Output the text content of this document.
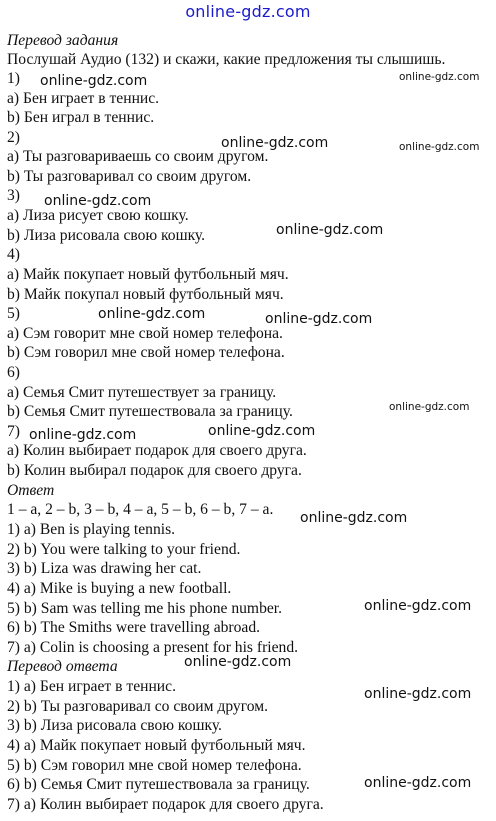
online-gdz.com
Перевод задания
Послушай Аудио (132) и скажи, какие предложения ты слышишь.
1)
a) Бен играет в теннис.
b) Бен играл в теннис.
2)
a) Ты разговариваешь со своим другом.
b) Ты разговаривал со своим другом.
3)
a) Лиза рисует свою кошку.
b) Лиза рисовала свою кошку.
4)
a) Майк покупает новый футбольный мяч.
b) Майк покупал новый футбольный мяч.
5)
a) Сэм говорит мне свой номер телефона.
b) Сэм говорил мне свой номер телефона.
6)
a) Семья Смит путешествует за границу.
b) Семья Смит путешествовала за границу.
7)
a) Колин выбирает подарок для своего друга.
b) Колин выбирал подарок для своего друга.
Ответ
1 – a, 2 – b, 3 – b, 4 – a, 5 – b, 6 – b, 7 – a.
1) a) Ben is playing tennis.
2) b) You were talking to your friend.
3) b) Liza was drawing her cat.
4) a) Mike is buying a new football.
5) b) Sam was telling me his phone number.
6) b) The Smiths were travelling abroad.
7) a) Colin is choosing a present for his friend.
Перевод ответа
1) a) Бен играет в теннис.
2) b) Ты разговаривал со своим другом.
3) b) Лиза рисовала свою кошку.
4) a) Майк покупает новый футбольный мяч.
5) b) Сэм говорил мне свой номер телефона.
6) b) Семья Смит путешествовала за границу.
7) a) Колин выбирает подарок для своего друга.
online-gdz.com	online-gdz.com
online-gdz.com	online-gdz.com
online-gdz.com
online-gdz.com
online-gdz.com	online-gdz.com
online-gdz.com
online-gdz.com
online-gdz.com
online-gdz.com
online-gdz.com
online-gdz.com
online-gdz.com
online-gdz.com
